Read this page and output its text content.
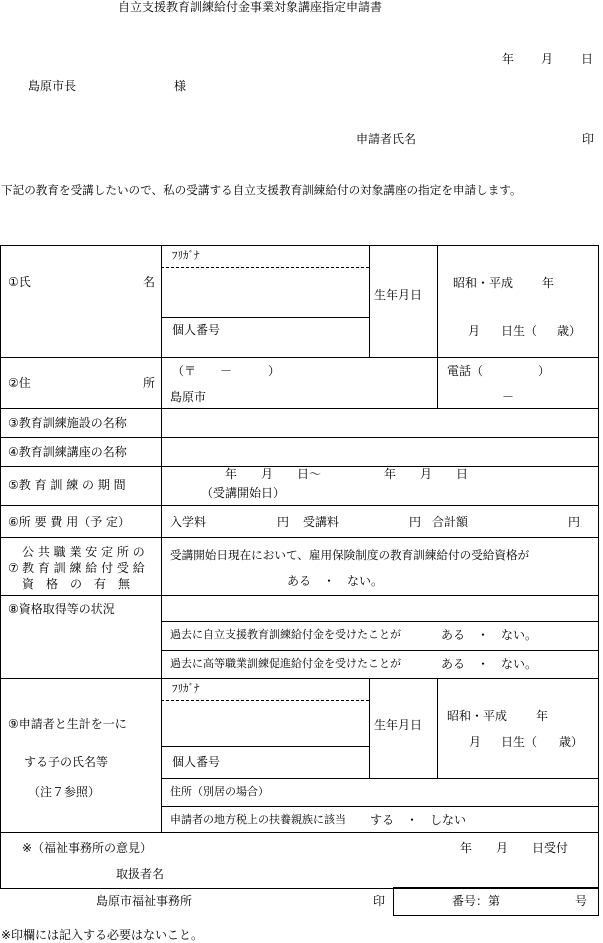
自立支援教育訓練給付金事業対象講座指定申請書
年 月 日
島原市長	様
申請者氏名	印
下記の教育を受講したいので、私の受講する自立支援教育訓練給付の対象講座の指定を申請します。
①氏	名
ﾌﾘｶﾞﾅ
個人番号
生年月日
昭和・平成 年
月 日生（ 歳）
②住	所
（〒　　－　　　）
島原市
電話（	）
－
③教育訓練施設の名称
④教育訓練講座の名称
⑤教 育 訓 練 の 期 間
年　　月　　日～	年　　月　　日
（受講開始日）
⑥所 要 費 用（予 定）	入学料	円 受講料	円 合計額	円
公 共 職 業 安 定 所 の
⑦ 教 育 訓 練 給 付 受 給
資　格　の　有　無
受講開始日現在において、雇用保険制度の教育訓練給付の受給資格が
ある　・　ない。
⑧資格取得等の状況
過去に自立支援教育訓練給付金を受けたことが	ある　・　ない。
過去に高等職業訓練促進給付金を受けたことが	ある　・　ない。
⑨申請者と生計を一に
する子の氏名等
（注７参照）
ﾌﾘｶﾞﾅ
個人番号
生年月日
昭和・平成 年
月 日生（ 歳）
住所（別居の場合）
申請者の地方税上の扶養親族に該当 する　・　しない
※（福祉事務所の意見）	年　　月　　日受付
取扱者名
島原市福祉事務所	印	番号：第	号
※印欄には記入する必要はないこと。
